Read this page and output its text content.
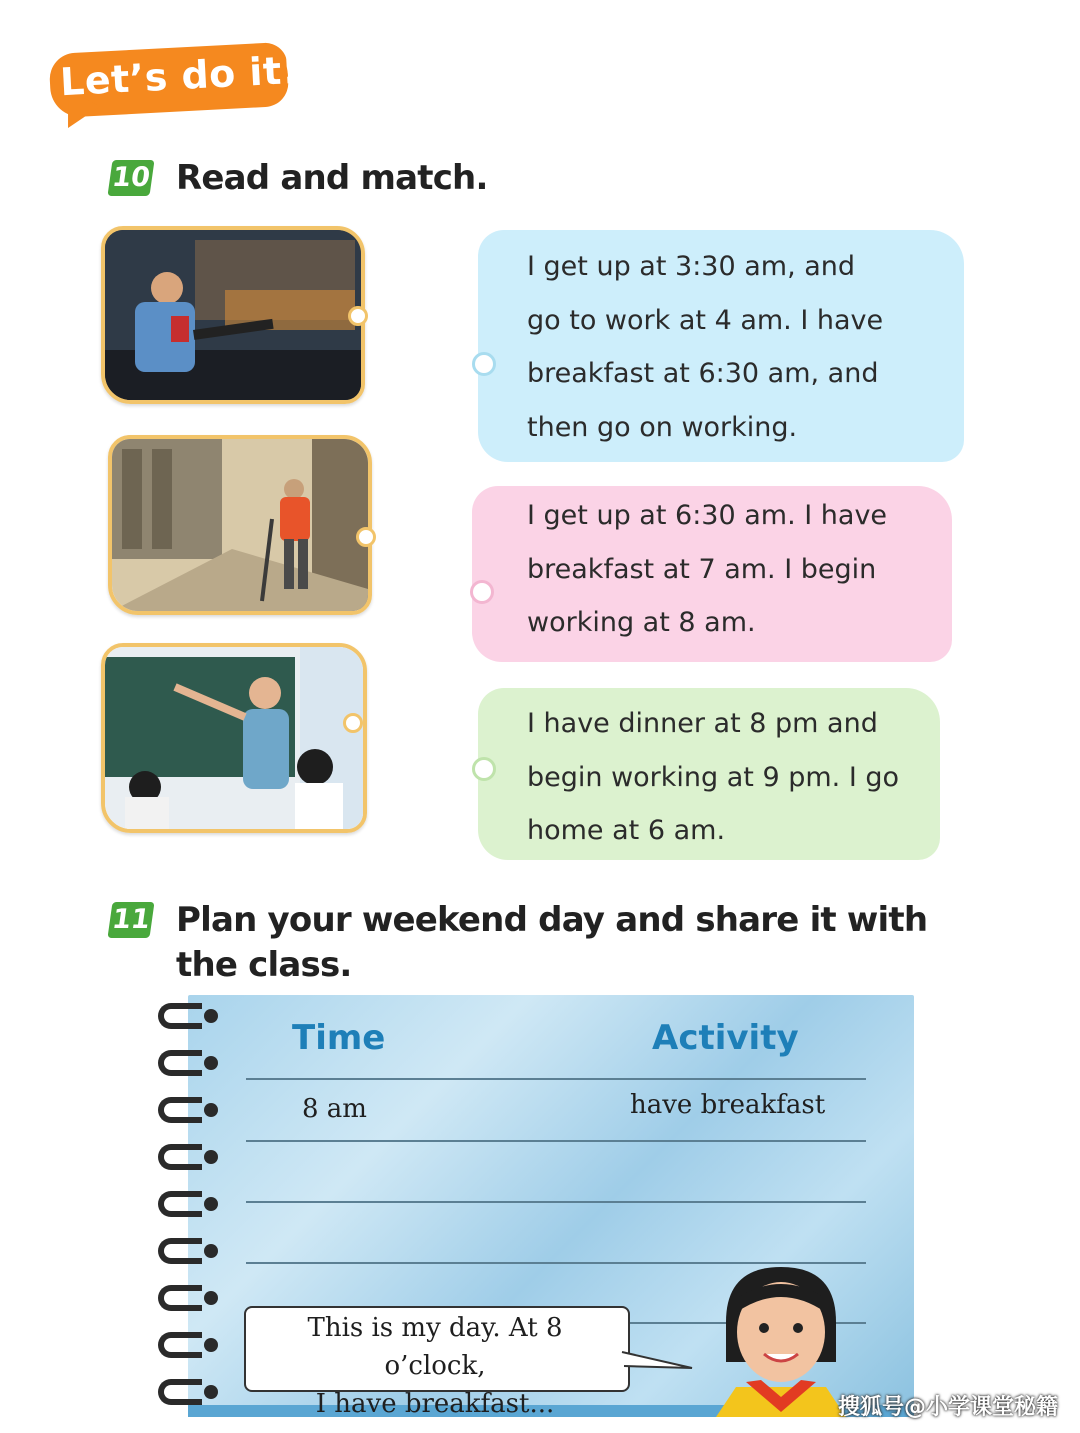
Let’s do it!
10 Read and match.
I get up at 3:30 am, and
go to work at 4 am. I have
breakfast at 6:30 am, and
then go on working.
I get up at 6:30 am. I have
breakfast at 7 am. I begin
working at 8 am.
I have dinner at 8 pm and
begin working at 9 pm. I go
home at 6 am.
11 Plan your weekend day and share it with
the class.
Time	Activity
8 am	have breakfast
This is my day. At 8 o’clock,
I have breakfast...	搜狐号@小学课堂秘籍
